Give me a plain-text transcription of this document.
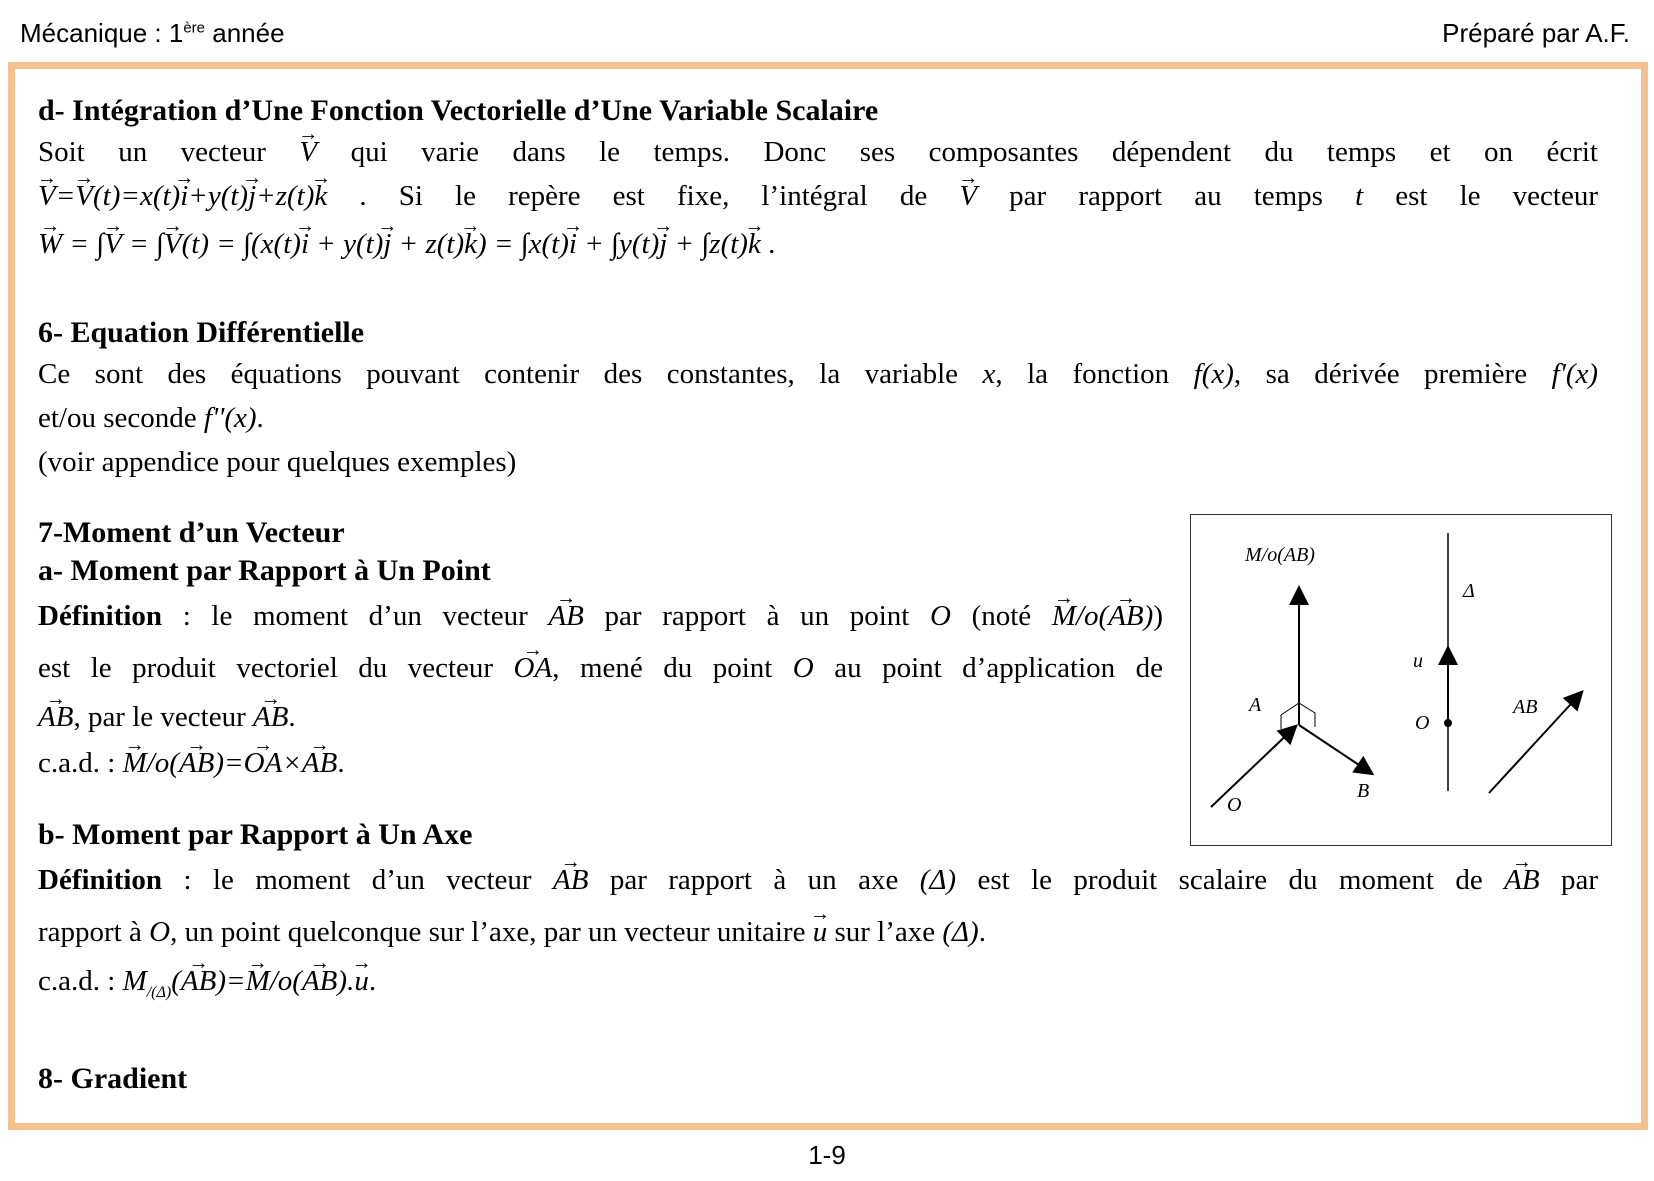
Mécanique : 1ère année	Préparé par A.F.

d- Intégration d’Une Fonction Vectorielle d’Une Variable Scalaire

Soit un vecteur → V qui varie dans le temps. Donc ses composantes dépendent du temps et on écrit

→ V=→ V(t)=x(t)→ i+y(t)→ j+z(t)→ k . Si le repère est fixe, l’intégral de → V par rapport au temps t est le vecteur

→ W = ∫→ V = ∫→ V(t) = ∫(x(t)→ i + y(t)→ j + z(t)→ k) = ∫x(t)→ i + ∫y(t)→ j + ∫z(t)→ k .

6- Equation Différentielle

Ce sont des équations pouvant contenir des constantes, la variable x, la fonction f(x), sa dérivée première f'(x)

et/ou seconde f''(x).

(voir appendice pour quelques exemples)

7-Moment d’un Vecteur

a- Moment par Rapport à Un Point

Définition : le moment d’un vecteur → AB par rapport à un point O (noté → M/o(→ AB))

est le produit vectoriel du vecteur → OA, mené du point O au point d’application de

→ AB, par le vecteur → AB.

c.a.d. : → M/o(→ AB)=→ OA×→ AB.

b- Moment par Rapport à Un Axe

Définition : le moment d’un vecteur → AB par rapport à un axe (Δ) est le produit scalaire du moment de → AB par

rapport à O, un point quelconque sur l’axe, par un vecteur unitaire → u sur l’axe (Δ).

c.a.d. : $M_{/(\Delta)}(\to AB)=\to M/o(\to AB).\to u$.

8- Gradient

M/o(AB)
A
O
B
Δ
u
O
AB
1-9
